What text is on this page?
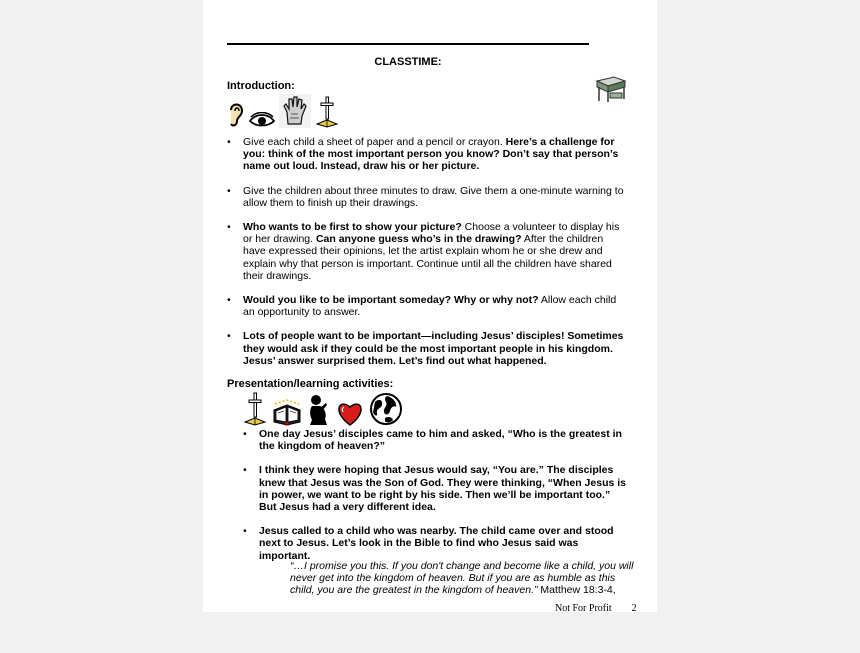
CLASSTIME:
Introduction:
• Give each child a sheet of paper and a pencil or crayon. Here’s a challenge for you: think of the most important person you know? Don’t say that person’s name out loud. Instead, draw his or her picture.
• Give the children about three minutes to draw. Give them a one-minute warning to allow them to finish up their drawings.
• Who wants to be first to show your picture? Choose a volunteer to display his or her drawing. Can anyone guess who’s in the drawing? After the children have expressed their opinions, let the artist explain whom he or she drew and explain why that person is important. Continue until all the children have shared their drawings.
• Would you like to be important someday? Why or why not? Allow each child an opportunity to answer.
• Lots of people want to be important—including Jesus’ disciples! Sometimes they would ask if they could be the most important people in his kingdom. Jesus’ answer surprised them. Let’s find out what happened.
Presentation/learning activities:
• One day Jesus’ disciples came to him and asked, “Who is the greatest in the kingdom of heaven?”
• I think they were hoping that Jesus would say, “You are.” The disciples knew that Jesus was the Son of God. They were thinking, “When Jesus is in power, we want to be right by his side. Then we’ll be important too.” But Jesus had a very different idea.
• Jesus called to a child who was nearby. The child came over and stood next to Jesus. Let’s look in the Bible to find who Jesus said was important.
“…I promise you this. If you don't change and become like a child, you will never get into the kingdom of heaven. But if you are as humble as this child, you are the greatest in the kingdom of heaven.” Matthew 18:3-4,
Not For Profit 2
